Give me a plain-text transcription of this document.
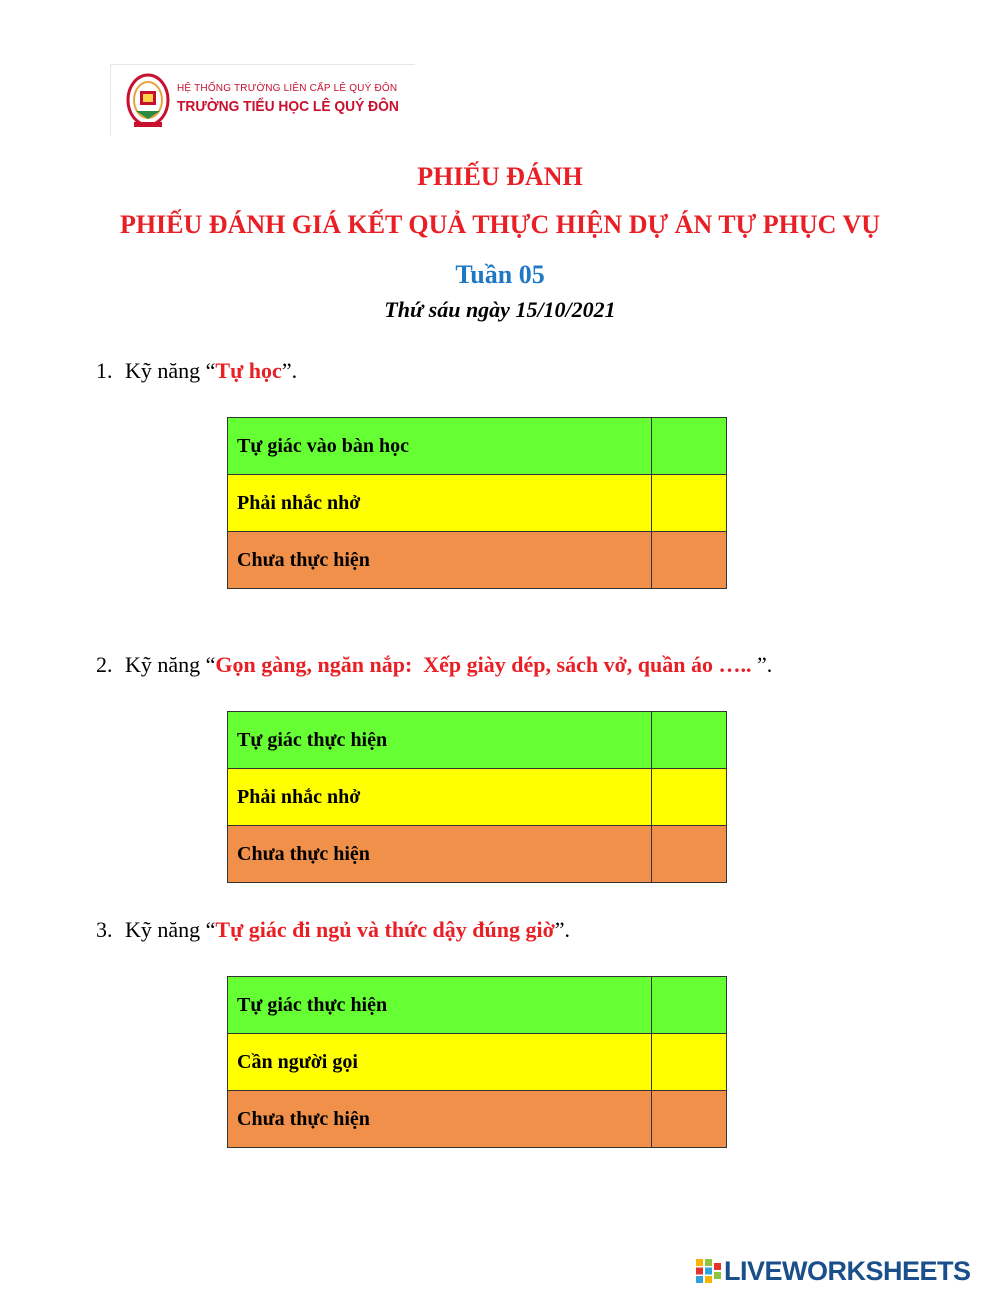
HỆ THỐNG TRƯỜNG LIÊN CẤP LÊ QUÝ ĐÔN
TRƯỜNG TIỂU HỌC LÊ QUÝ ĐÔN
PHIẾU ĐÁNH
PHIẾU ĐÁNH GIÁ KẾT QUẢ THỰC HIỆN DỰ ÁN TỰ PHỤC VỤ
Tuần 05
Thứ sáu ngày 15/10/2021
1. Kỹ năng “Tự học”.
Tự giác vào bàn học	
Phải nhắc nhở	
Chưa thực hiện	
2. Kỹ năng “Gọn gàng, ngăn nắp:  Xếp giày dép, sách vở, quần áo ….. ”.
Tự giác thực hiện	
Phải nhắc nhở	
Chưa thực hiện	
3. Kỹ năng “Tự giác đi ngủ và thức dậy đúng giờ”.
Tự giác thực hiện	
Cần người gọi	
Chưa thực hiện	
LIVEWORKSHEETS
